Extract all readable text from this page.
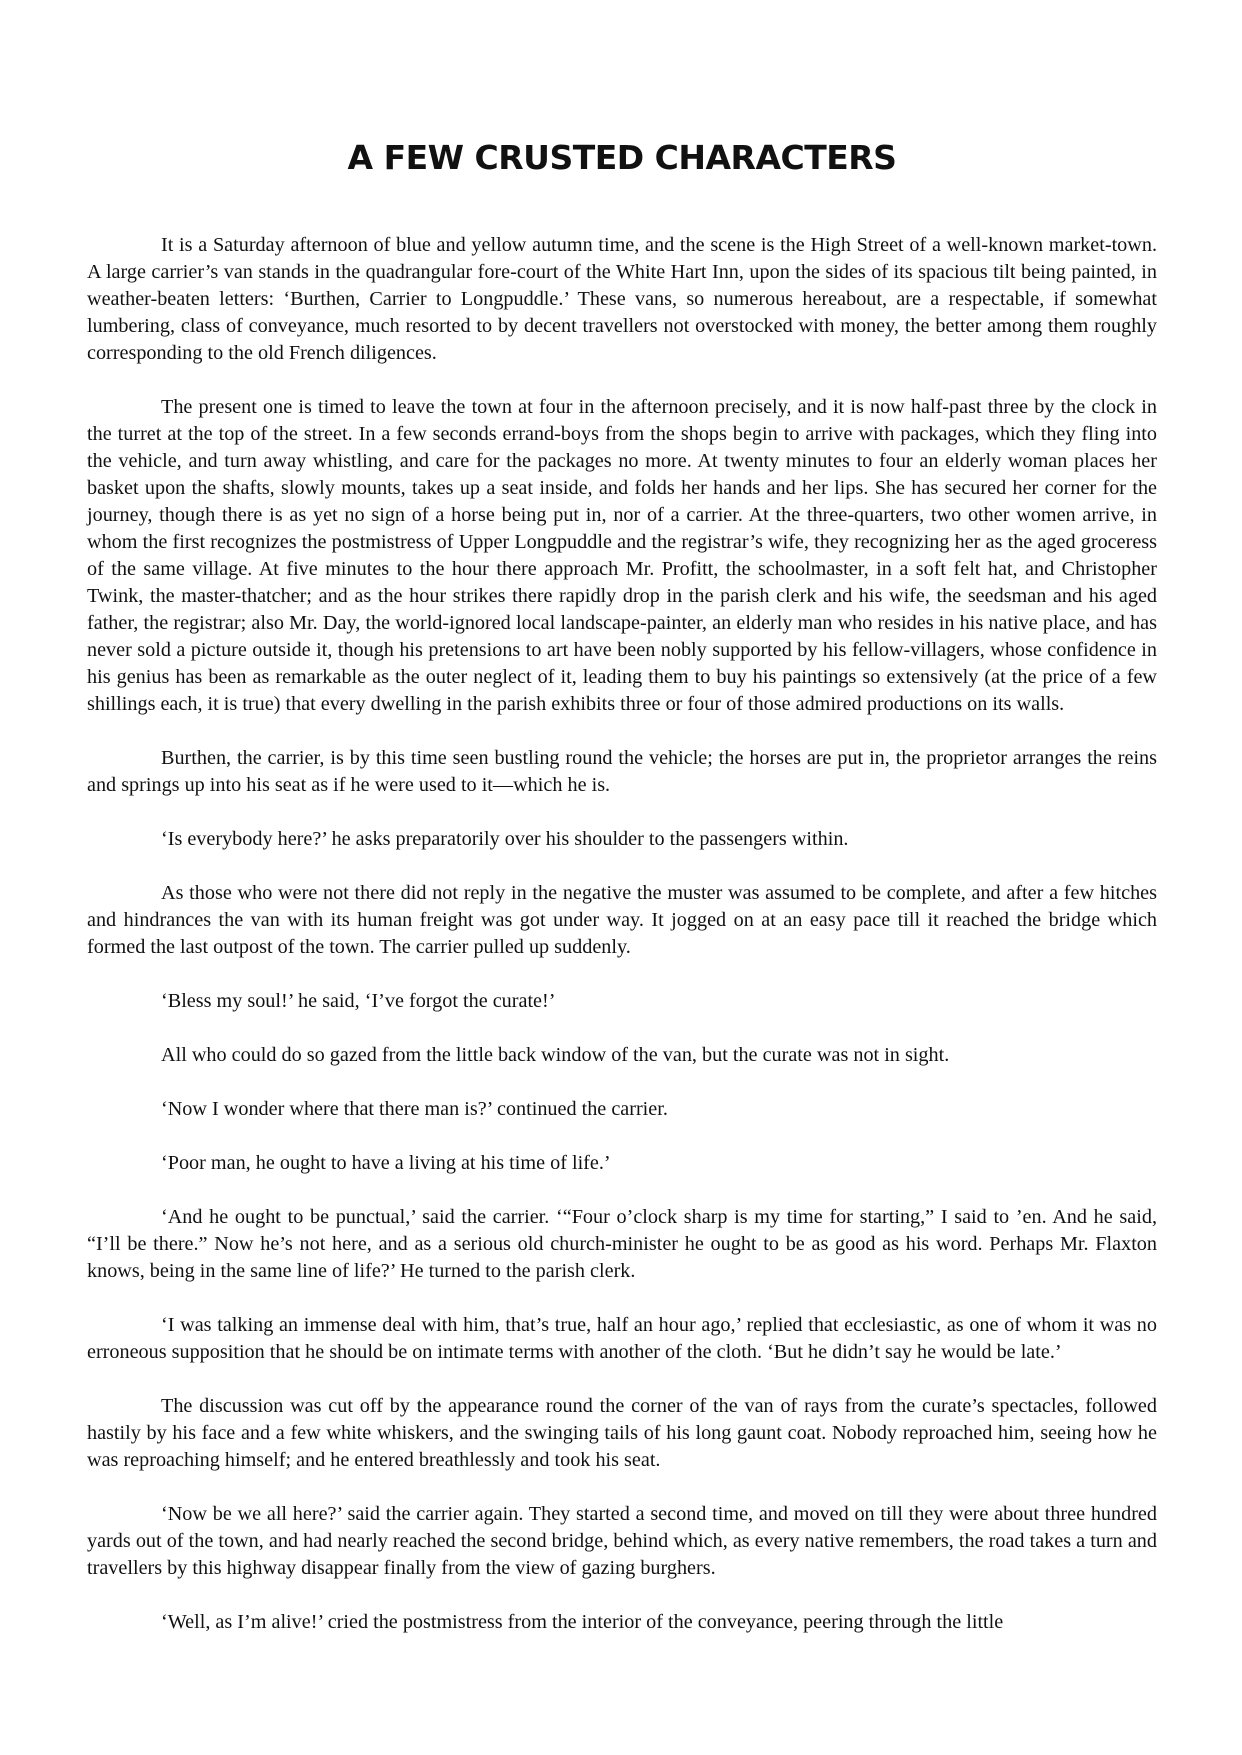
A FEW CRUSTED CHARACTERS

It is a Saturday afternoon of blue and yellow autumn time, and the scene is the High Street of a well-known market-town. A large carrier’s van stands in the quadrangular fore-court of the White Hart Inn, upon the sides of its spacious tilt being painted, in weather-beaten letters: ‘Burthen, Carrier to Longpuddle.’ These vans, so numerous hereabout, are a respectable, if somewhat lumbering, class of conveyance, much resorted to by decent travellers not overstocked with money, the better among them roughly corresponding to the old French diligences.

The present one is timed to leave the town at four in the afternoon precisely, and it is now half-past three by the clock in the turret at the top of the street. In a few seconds errand-boys from the shops begin to arrive with packages, which they fling into the vehicle, and turn away whistling, and care for the packages no more. At twenty minutes to four an elderly woman places her basket upon the shafts, slowly mounts, takes up a seat inside, and folds her hands and her lips. She has secured her corner for the journey, though there is as yet no sign of a horse being put in, nor of a carrier. At the three-quarters, two other women arrive, in whom the first recognizes the postmistress of Upper Longpuddle and the registrar’s wife, they recognizing her as the aged groceress of the same village. At five minutes to the hour there approach Mr. Profitt, the schoolmaster, in a soft felt hat, and Christopher Twink, the master-thatcher; and as the hour strikes there rapidly drop in the parish clerk and his wife, the seedsman and his aged father, the registrar; also Mr. Day, the world-ignored local landscape-painter, an elderly man who resides in his native place, and has never sold a picture outside it, though his pretensions to art have been nobly supported by his fellow-villagers, whose confidence in his genius has been as remarkable as the outer neglect of it, leading them to buy his paintings so extensively (at the price of a few shillings each, it is true) that every dwelling in the parish exhibits three or four of those admired productions on its walls.

Burthen, the carrier, is by this time seen bustling round the vehicle; the horses are put in, the proprietor arranges the reins and springs up into his seat as if he were used to it—which he is.

‘Is everybody here?’ he asks preparatorily over his shoulder to the passengers within.

As those who were not there did not reply in the negative the muster was assumed to be complete, and after a few hitches and hindrances the van with its human freight was got under way. It jogged on at an easy pace till it reached the bridge which formed the last outpost of the town. The carrier pulled up suddenly.

‘Bless my soul!’ he said, ‘I’ve forgot the curate!’

All who could do so gazed from the little back window of the van, but the curate was not in sight.

‘Now I wonder where that there man is?’ continued the carrier.

‘Poor man, he ought to have a living at his time of life.’

‘And he ought to be punctual,’ said the carrier. ‘“Four o’clock sharp is my time for starting,” I said to ’en. And he said, “I’ll be there.” Now he’s not here, and as a serious old church-minister he ought to be as good as his word. Perhaps Mr. Flaxton knows, being in the same line of life?’ He turned to the parish clerk.

‘I was talking an immense deal with him, that’s true, half an hour ago,’ replied that ecclesiastic, as one of whom it was no erroneous supposition that he should be on intimate terms with another of the cloth. ‘But he didn’t say he would be late.’

The discussion was cut off by the appearance round the corner of the van of rays from the curate’s spectacles, followed hastily by his face and a few white whiskers, and the swinging tails of his long gaunt coat. Nobody reproached him, seeing how he was reproaching himself; and he entered breathlessly and took his seat.

‘Now be we all here?’ said the carrier again. They started a second time, and moved on till they were about three hundred yards out of the town, and had nearly reached the second bridge, behind which, as every native remembers, the road takes a turn and travellers by this highway disappear finally from the view of gazing burghers.

‘Well, as I’m alive!’ cried the postmistress from the interior of the conveyance, peering through the little
